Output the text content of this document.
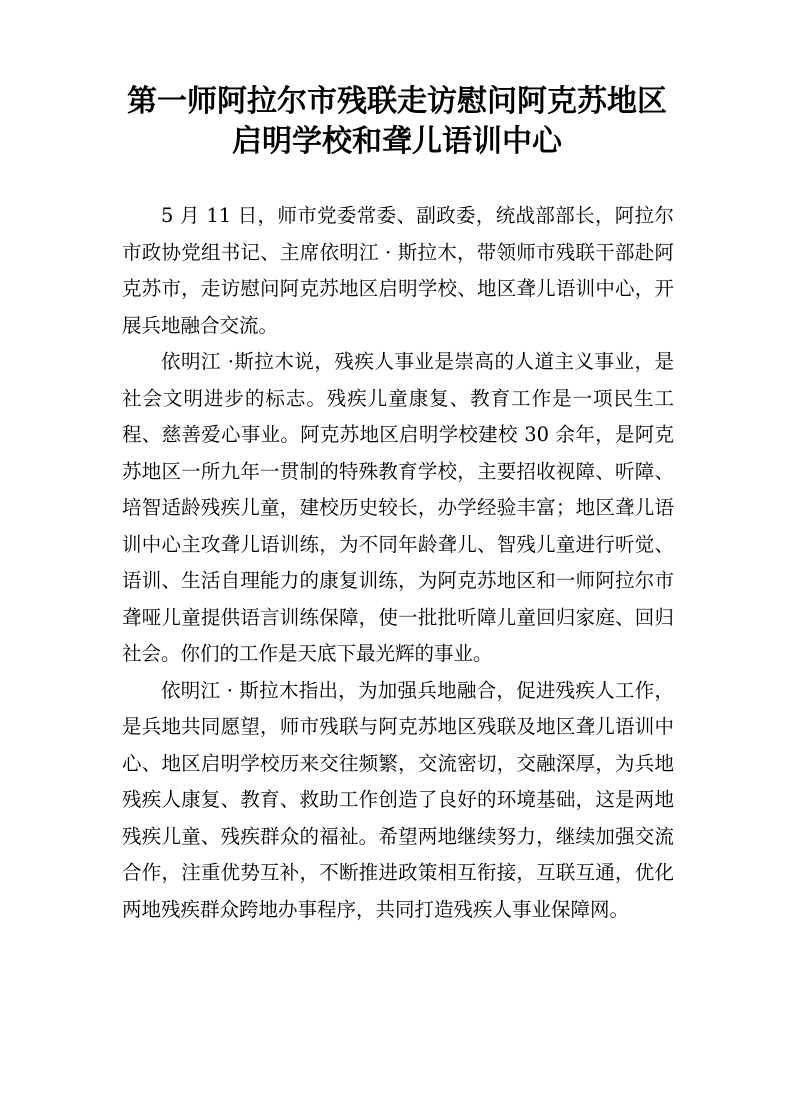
第一师阿拉尔市残联走访慰问阿克苏地区
启明学校和聋儿语训中心

5 月 11 日，师市党委常委、副政委，统战部部长，阿拉尔市政协党组书记、主席依明江 · 斯拉木，带领师市残联干部赴阿克苏市，走访慰问阿克苏地区启明学校、地区聋儿语训中心，开展兵地融合交流。

依明江 ·斯拉木说，残疾人事业是崇高的人道主义事业，是社会文明进步的标志。残疾儿童康复、教育工作是一项民生工程、慈善爱心事业。阿克苏地区启明学校建校 30 余年，是阿克苏地区一所九年一贯制的特殊教育学校，主要招收视障、听障、培智适龄残疾儿童，建校历史较长，办学经验丰富；地区聋儿语训中心主攻聋儿语训练，为不同年龄聋儿、智残儿童进行听觉、语训、生活自理能力的康复训练，为阿克苏地区和一师阿拉尔市聋哑儿童提供语言训练保障，使一批批听障儿童回归家庭、回归社会。你们的工作是天底下最光辉的事业。

依明江 · 斯拉木指出，为加强兵地融合，促进残疾人工作，是兵地共同愿望，师市残联与阿克苏地区残联及地区聋儿语训中心、地区启明学校历来交往频繁，交流密切，交融深厚，为兵地残疾人康复、教育、救助工作创造了良好的环境基础，这是两地残疾儿童、残疾群众的福祉。希望两地继续努力，继续加强交流合作，注重优势互补，不断推进政策相互衔接，互联互通，优化两地残疾群众跨地办事程序，共同打造残疾人事业保障网。
